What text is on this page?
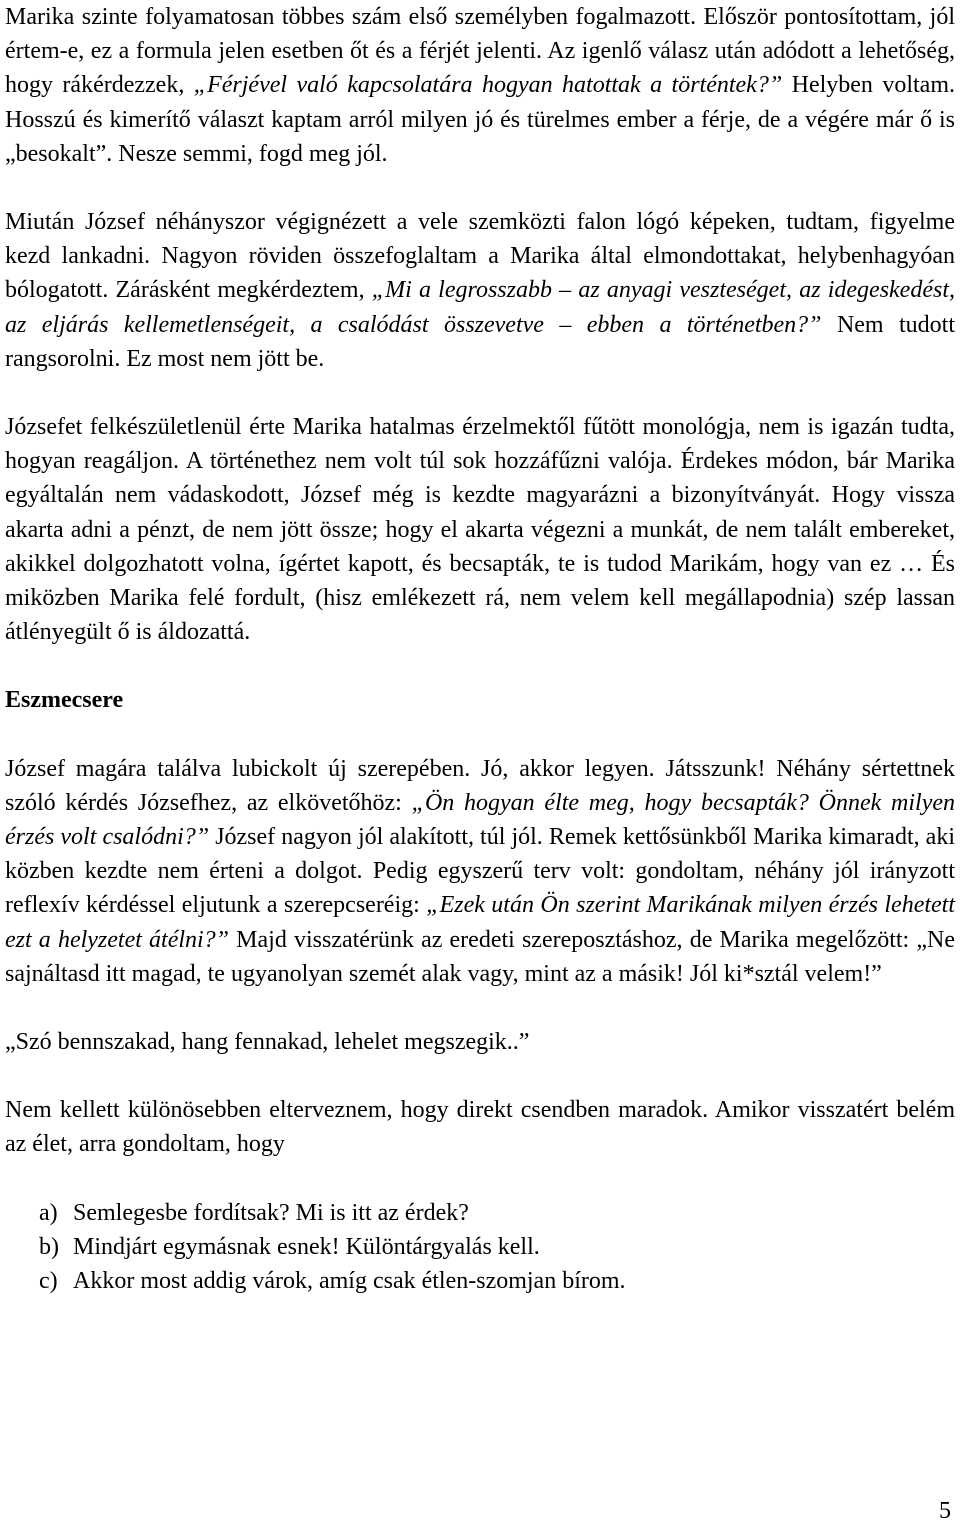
Marika szinte folyamatosan többes szám első személyben fogalmazott. Először pontosítottam, jól értem-e, ez a formula jelen esetben őt és a férjét jelenti. Az igenlő válasz után adódott a lehetőség, hogy rákérdezzek, „Férjével való kapcsolatára hogyan hatottak a történtek?” Helyben voltam. Hosszú és kimerítő választ kaptam arról milyen jó és türelmes ember a férje, de a végére már ő is „besokalt”. Nesze semmi, fogd meg jól.

Miután József néhányszor végignézett a vele szemközti falon lógó képeken, tudtam, figyelme kezd lankadni. Nagyon röviden összefoglaltam a Marika által elmondottakat, helybenhagyóan bólogatott. Zárásként megkérdeztem, „Mi a legrosszabb – az anyagi veszteséget, az idegeskedést, az eljárás kellemetlenségeit, a csalódást összevetve – ebben a történetben?” Nem tudott rangsorolni. Ez most nem jött be.

Józsefet felkészületlenül érte Marika hatalmas érzelmektől fűtött monológja, nem is igazán tudta, hogyan reagáljon. A történethez nem volt túl sok hozzáfűzni valója. Érdekes módon, bár Marika egyáltalán nem vádaskodott, József még is kezdte magyarázni a bizonyítványát. Hogy vissza akarta adni a pénzt, de nem jött össze; hogy el akarta végezni a munkát, de nem talált embereket, akikkel dolgozhatott volna, ígértet kapott, és becsapták, te is tudod Marikám, hogy van ez … És miközben Marika felé fordult, (hisz emlékezett rá, nem velem kell megállapodnia) szép lassan átlényegült ő is áldozattá.

Eszmecsere

József magára találva lubickolt új szerepében. Jó, akkor legyen. Játsszunk! Néhány sértettnek szóló kérdés Józsefhez, az elkövetőhöz: „Ön hogyan élte meg, hogy becsapták? Önnek milyen érzés volt csalódni?” József nagyon jól alakított, túl jól. Remek kettősünkből Marika kimaradt, aki közben kezdte nem érteni a dolgot. Pedig egyszerű terv volt: gondoltam, néhány jól irányzott reflexív kérdéssel eljutunk a szerepcseréig: „Ezek után Ön szerint Marikának milyen érzés lehetett ezt a helyzetet átélni?” Majd visszatérünk az eredeti szereposztáshoz, de Marika megelőzött: „Ne sajnáltasd itt magad, te ugyanolyan szemét alak vagy, mint az a másik! Jól ki*sztál velem!”

„Szó bennszakad, hang fennakad, lehelet megszegik..”

Nem kellett különösebben elterveznem, hogy direkt csendben maradok. Amikor visszatért belém az élet, arra gondoltam, hogy

a) Semlegesbe fordítsak? Mi is itt az érdek?
b) Mindjárt egymásnak esnek! Különtárgyalás kell.
c) Akkor most addig várok, amíg csak étlen-szomjan bírom.
5
